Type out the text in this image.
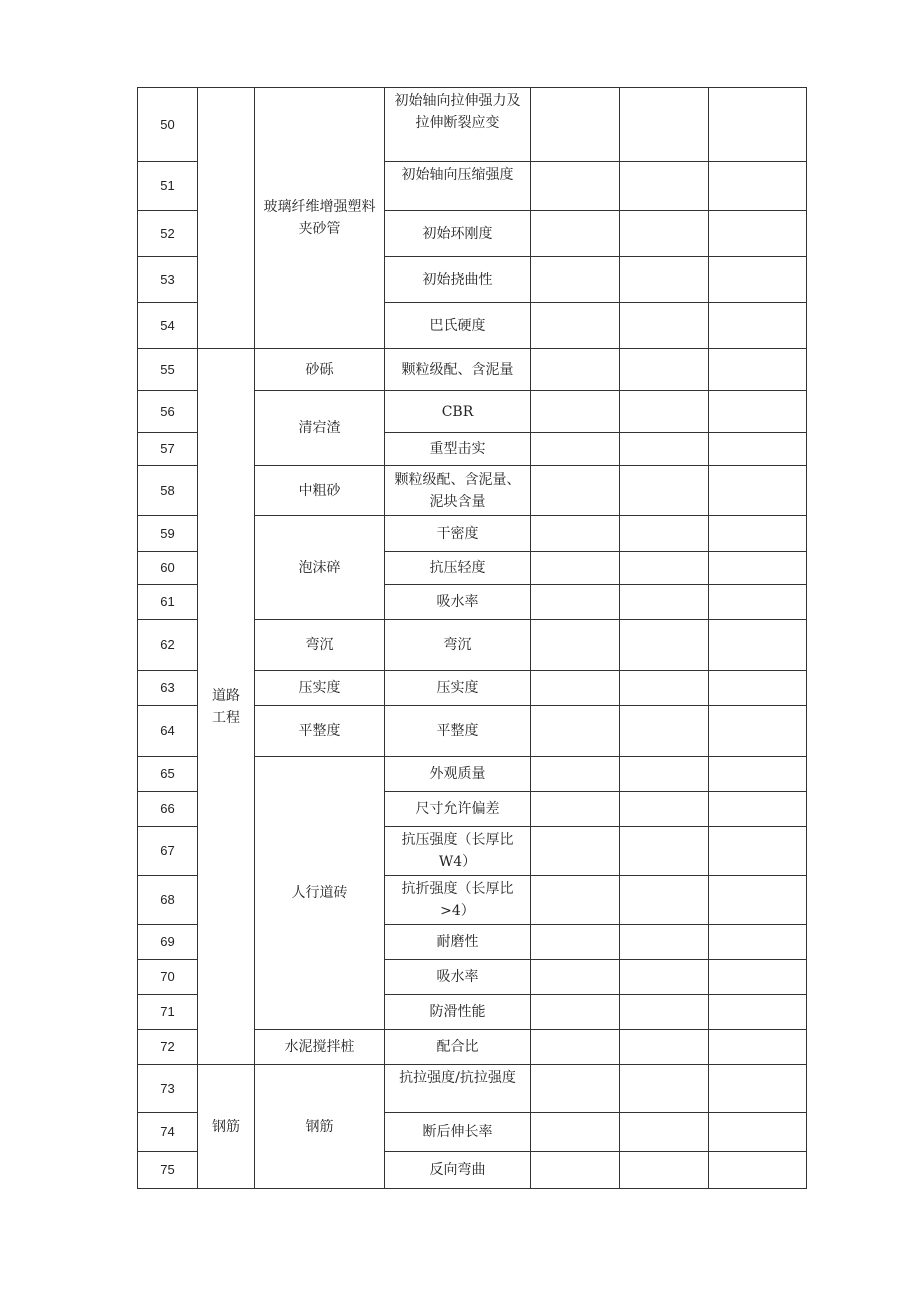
50		玻璃纤维增强塑料夹砂管	初始轴向拉伸强力及拉伸断裂应变			
51			初始轴向压缩强度			
52			初始环刚度			
53			初始挠曲性			
54			巴氏硬度			
55	道路工程	砂砾	颗粒级配、含泥量			
56		清宕渣	CBR			
57			重型击实			
58		中粗砂	颗粒级配、含泥量、泥块含量			
59		泡沫碎	干密度			
60			抗压轻度			
61			吸水率			
62		弯沉	弯沉			
63		压实度	压实度			
64		平整度	平整度			
65		人行道砖	外观质量			
66			尺寸允许偏差			
67			抗压强度（长厚比W4）			
68			抗折强度（长厚比>4）			
69			耐磨性			
70			吸水率			
71			防滑性能			
72		水泥搅拌桩	配合比			
73	钢筋	钢筋	抗拉强度/抗拉强度			
74			断后伸长率			
75			反向弯曲			
